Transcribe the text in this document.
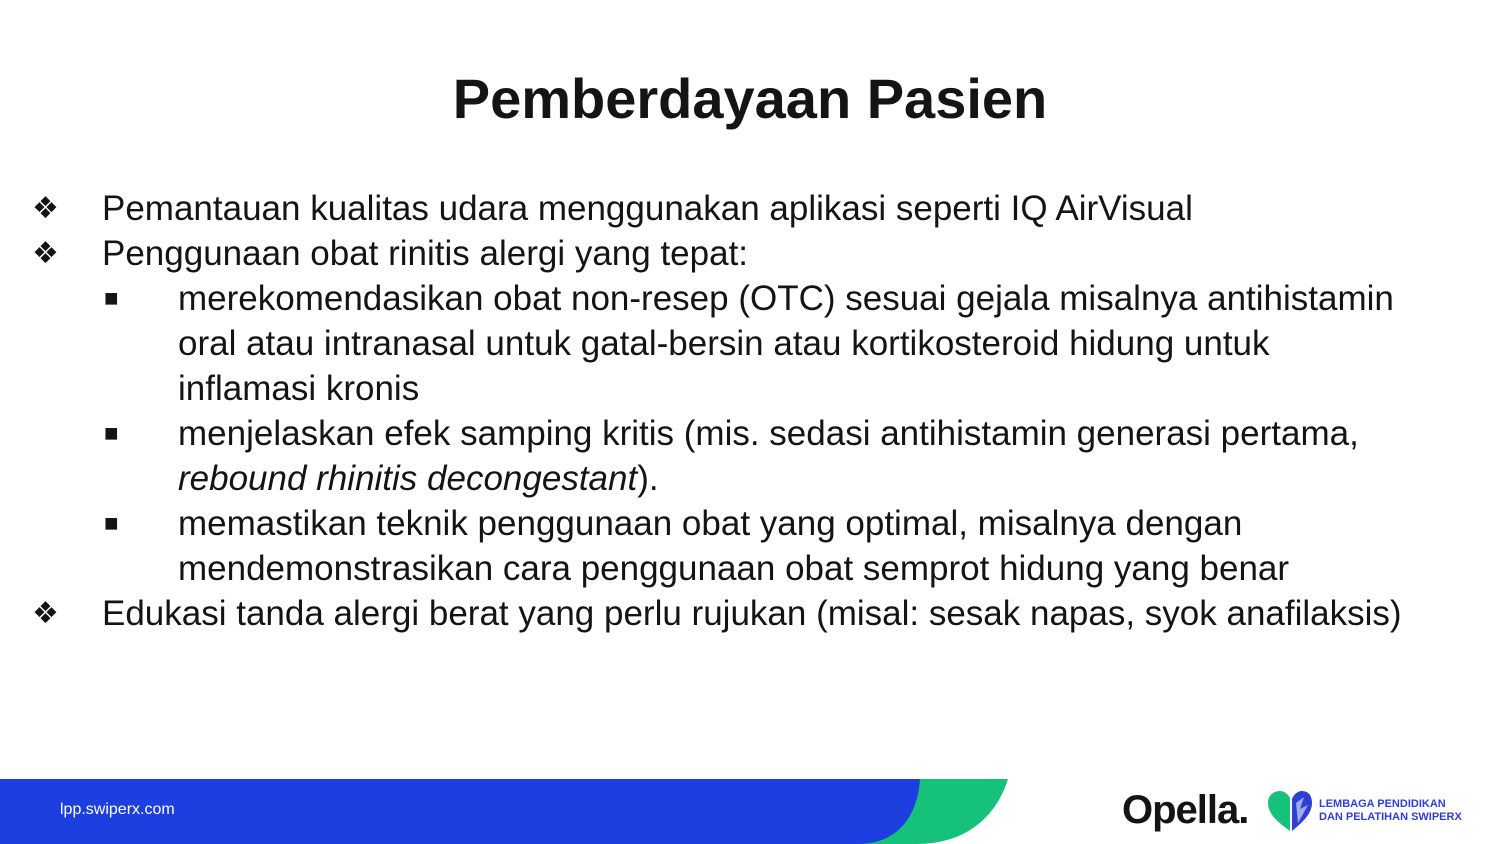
Pemberdayaan Pasien
❖ Pemantauan kualitas udara menggunakan aplikasi seperti IQ AirVisual
❖ Penggunaan obat rinitis alergi yang tepat:
■ merekomendasikan obat non-resep (OTC) sesuai gejala misalnya antihistamin oral atau intranasal untuk gatal-bersin atau kortikosteroid hidung untuk inflamasi kronis
■ menjelaskan efek samping kritis (mis. sedasi antihistamin generasi pertama, rebound rhinitis decongestant).
■ memastikan teknik penggunaan obat yang optimal, misalnya dengan mendemonstrasikan cara penggunaan obat semprot hidung yang benar
❖ Edukasi tanda alergi berat yang perlu rujukan (misal: sesak napas, syok anafilaksis)
lpp.swiperx.com	Opella.	LEMBAGA PENDIDIKAN
DAN PELATIHAN SWIPERX
